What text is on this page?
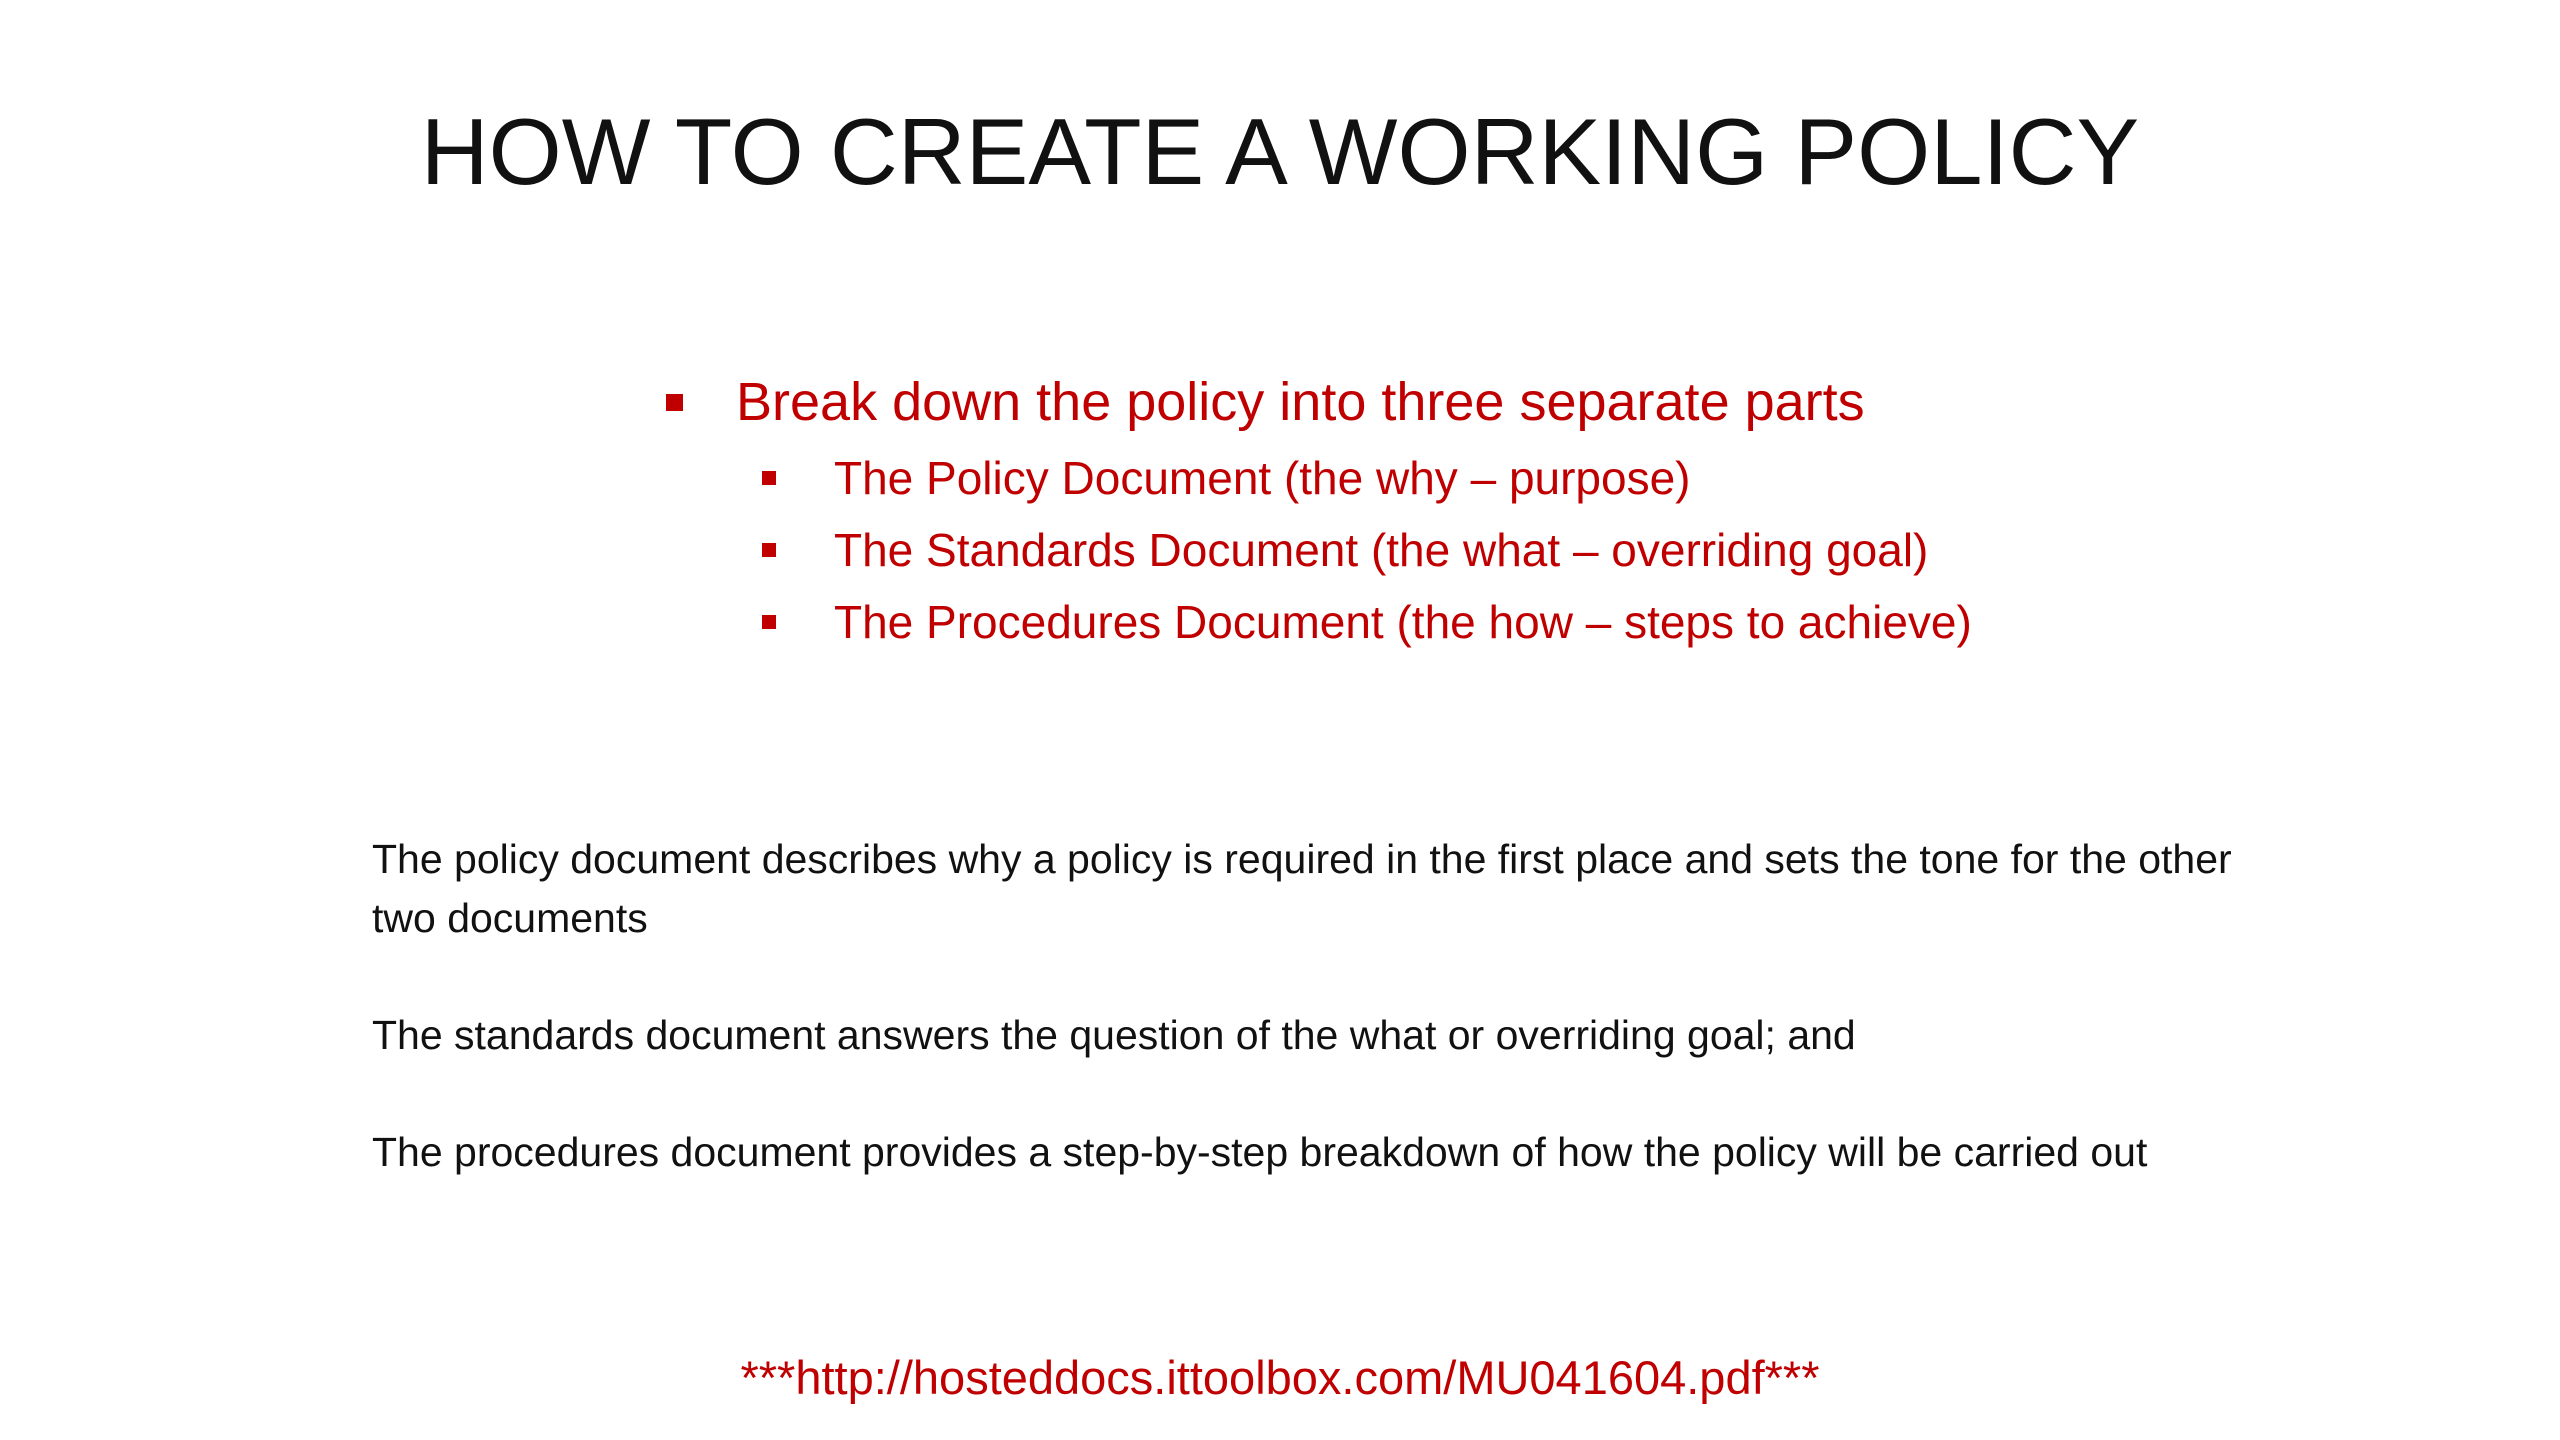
HOW TO CREATE A WORKING POLICY
Break down the policy into three separate parts
The Policy Document (the why – purpose)
The Standards Document (the what – overriding goal)
The Procedures Document (the how – steps to achieve)

The policy document describes why a policy is required in the first place and sets the tone for the other two documents

The standards document answers the question of the what or overriding goal; and

The procedures document provides a step-by-step breakdown of how the policy will be carried out

***http://hosteddocs.ittoolbox.com/MU041604.pdf***
